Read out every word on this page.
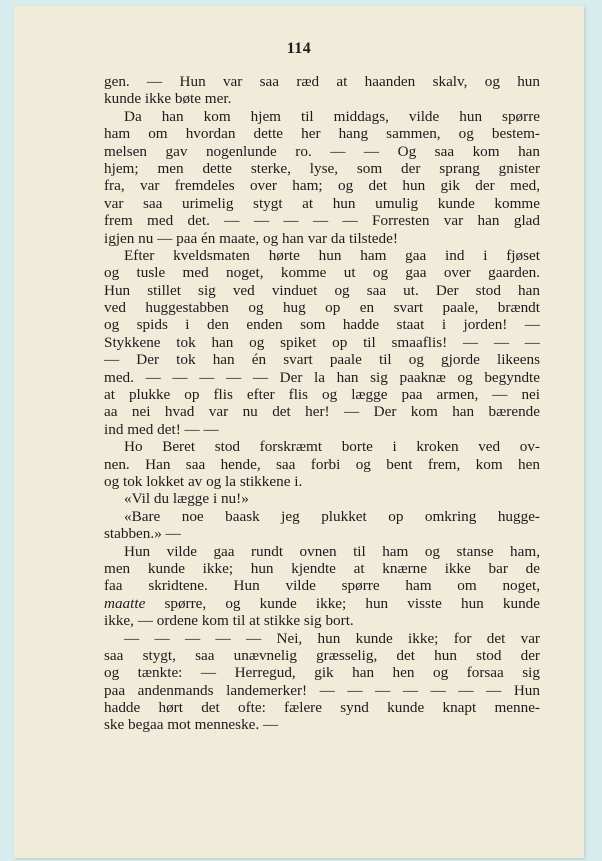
114
gen. — Hun var saa ræd at haanden skalv, og hun
kunde ikke bøte mer.
Da han kom hjem til middags, vilde hun spørre
ham om hvordan dette her hang sammen, og bestem-
melsen gav nogenlunde ro. — — Og saa kom han
hjem; men dette sterke, lyse, som der sprang gnister
fra, var fremdeles over ham; og det hun gik der med,
var saa urimelig stygt at hun umulig kunde komme
frem med det. — — — — — Forresten var han glad
igjen nu — paa én maate, og han var da tilstede!
Efter kveldsmaten hørte hun ham gaa ind i fjøset
og tusle med noget, komme ut og gaa over gaarden.
Hun stillet sig ved vinduet og saa ut. Der stod han
ved huggestabben og hug op en svart paale, brændt
og spids i den enden som hadde staat i jorden! —
Stykkene tok han og spiket op til smaaflis! — — —
— Der tok han én svart paale til og gjorde likeens
med. — — — — — Der la han sig paaknæ og begyndte
at plukke op flis efter flis og lægge paa armen, — nei
aa nei hvad var nu det her! — Der kom han bærende
ind med det! — —
Ho Beret stod forskræmt borte i kroken ved ov-
nen. Han saa hende, saa forbi og bent frem, kom hen
og tok lokket av og la stikkene i.
«Vil du lægge i nu!»
«Bare noe baask jeg plukket op omkring hugge-
stabben.» —
Hun vilde gaa rundt ovnen til ham og stanse ham,
men kunde ikke; hun kjendte at knærne ikke bar de
faa skridtene. Hun vilde spørre ham om noget,
maatte spørre, og kunde ikke; hun visste hun kunde
ikke, — ordene kom til at stikke sig bort.
— — — — — Nei, hun kunde ikke; for det var
saa stygt, saa unævnelig græsselig, det hun stod der
og tænkte: — Herregud, gik han hen og forsaa sig
paa andenmands landemerker! — — — — — — — Hun
hadde hørt det ofte: fælere synd kunde knapt menne-
ske begaa mot menneske. —
